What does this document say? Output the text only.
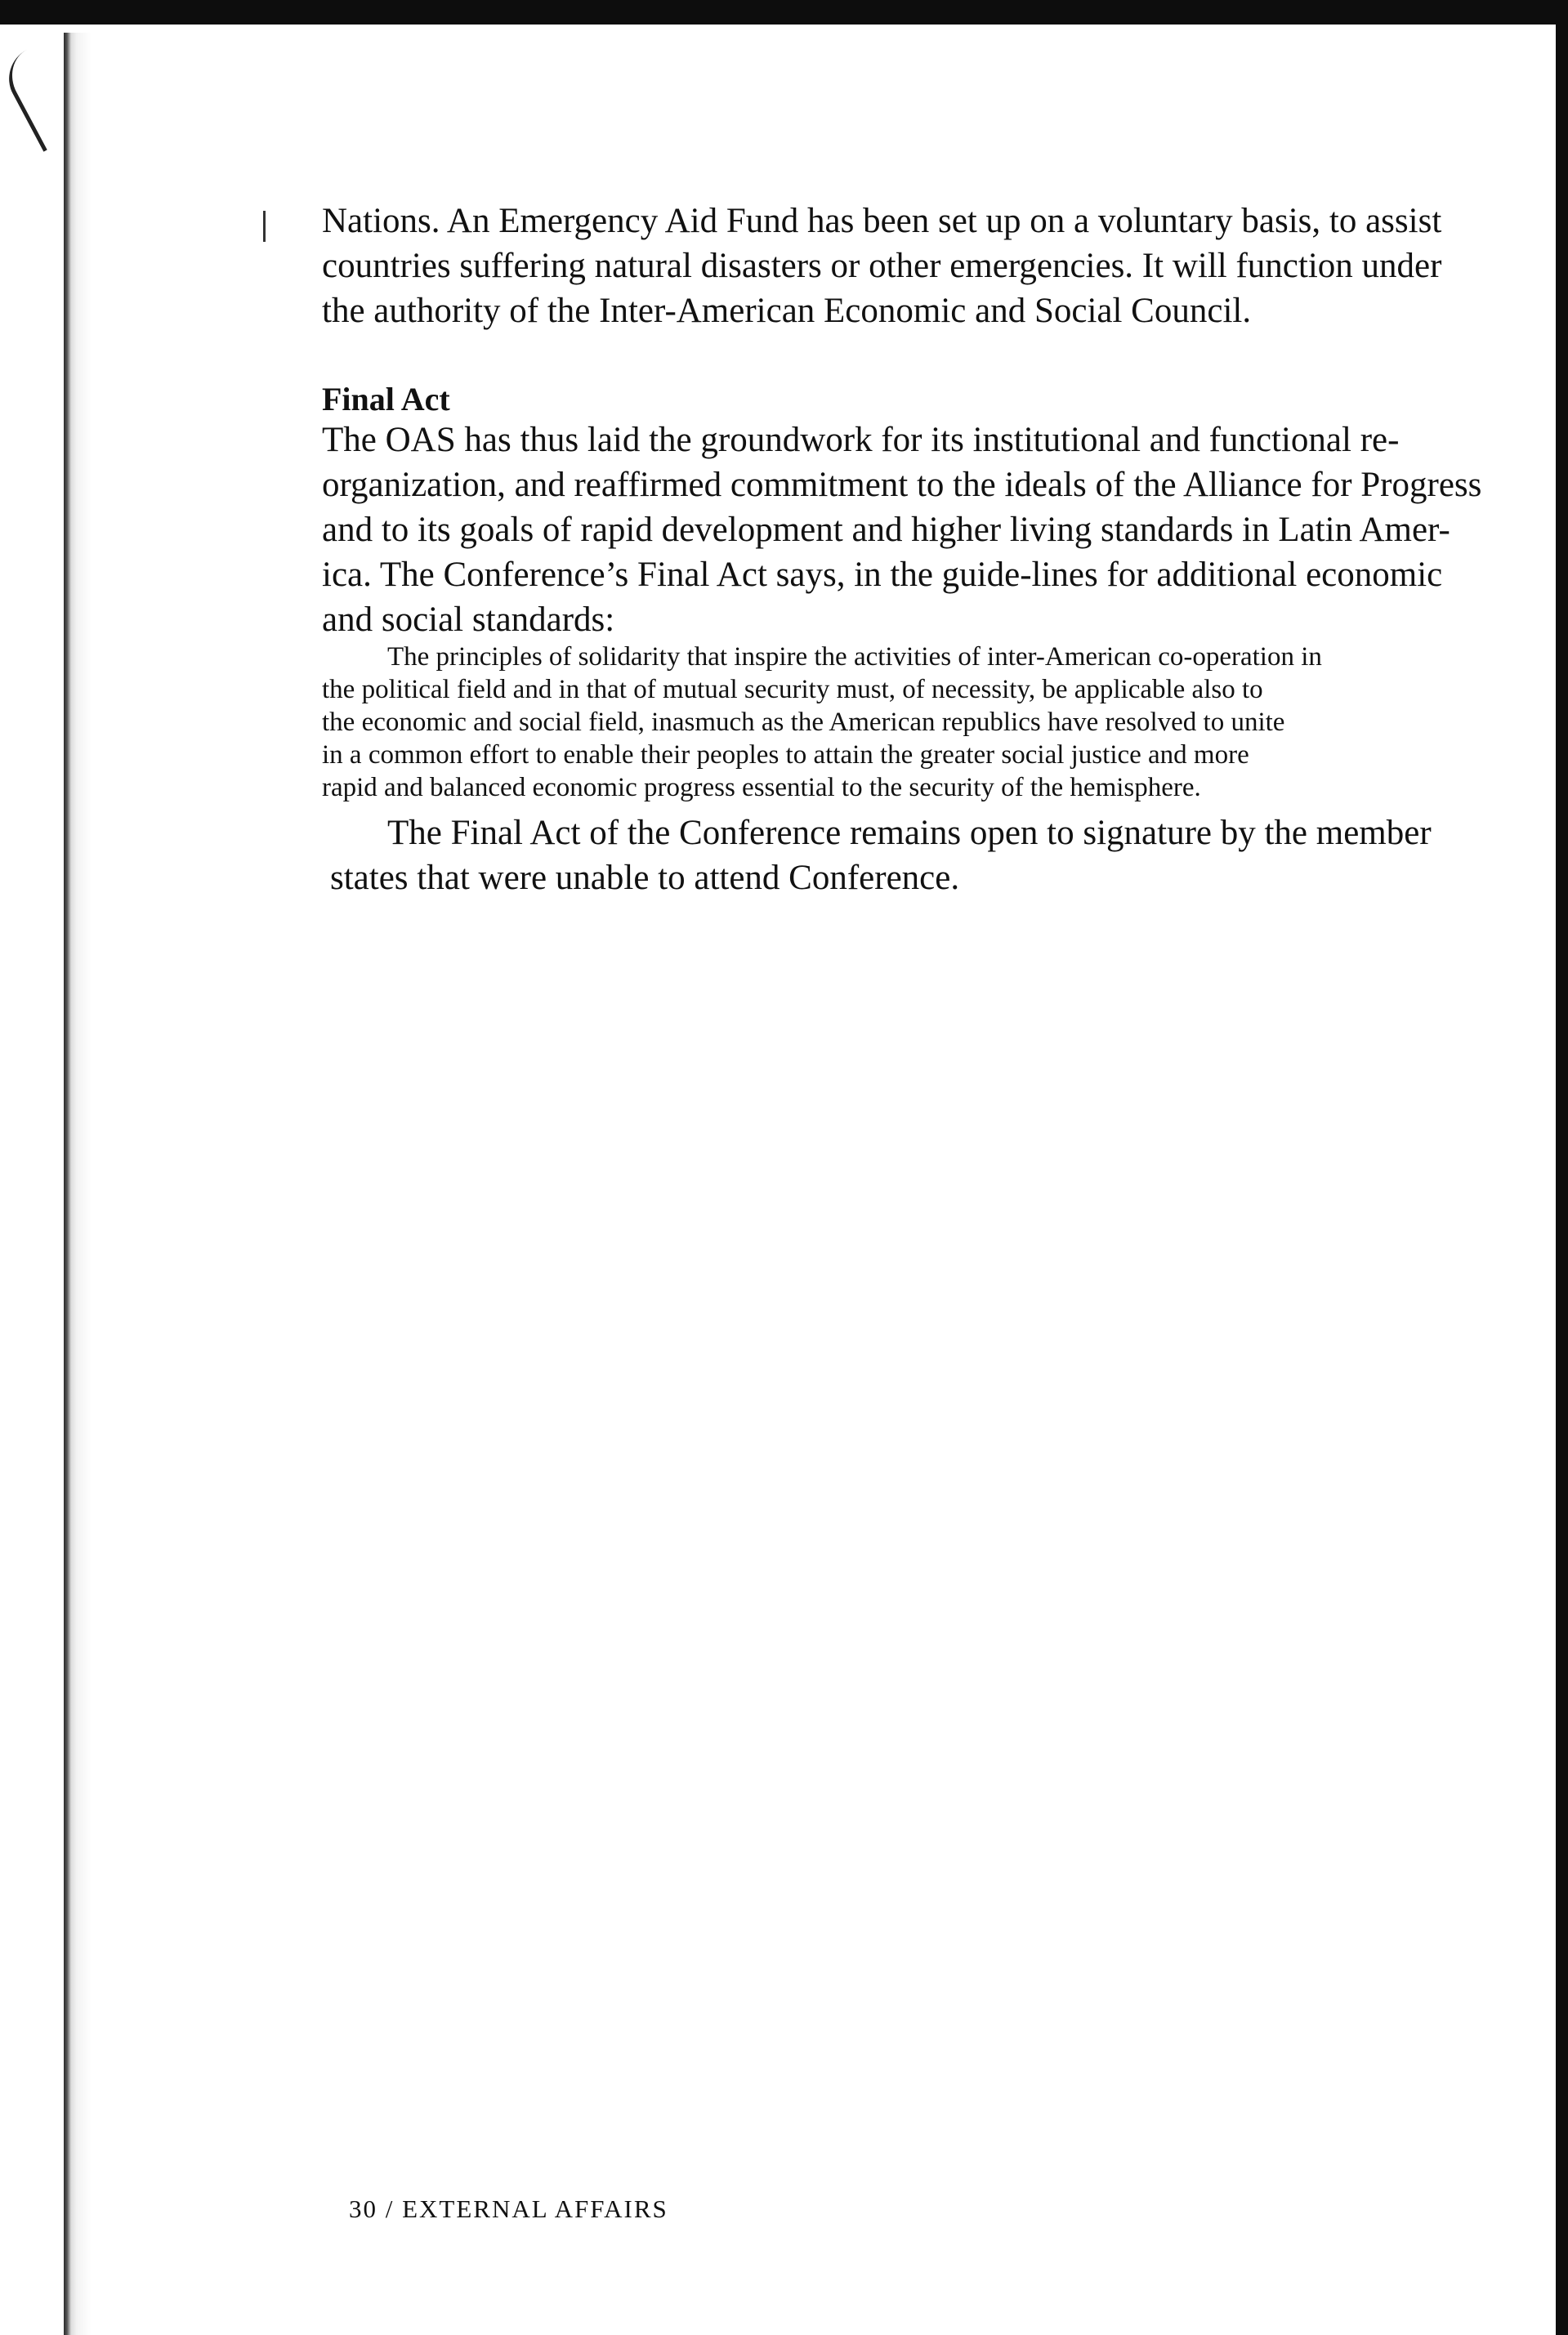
Nations. An Emergency Aid Fund has been set up on a voluntary basis, to assist
countries suffering natural disasters or other emergencies. It will function under
the authority of the Inter-American Economic and Social Council.
Final Act
The OAS has thus laid the groundwork for its institutional and functional re-
organization, and reaffirmed commitment to the ideals of the Alliance for Progress
and to its goals of rapid development and higher living standards in Latin Amer-
ica. The Conference’s Final Act says, in the guide-lines for additional economic
and social standards:
The principles of solidarity that inspire the activities of inter-American co-operation in
the political field and in that of mutual security must, of necessity, be applicable also to
the economic and social field, inasmuch as the American republics have resolved to unite
in a common effort to enable their peoples to attain the greater social justice and more
rapid and balanced economic progress essential to the security of the hemisphere.
The Final Act of the Conference remains open to signature by the member
states that were unable to attend Conference.
30 / EXTERNAL AFFAIRS
